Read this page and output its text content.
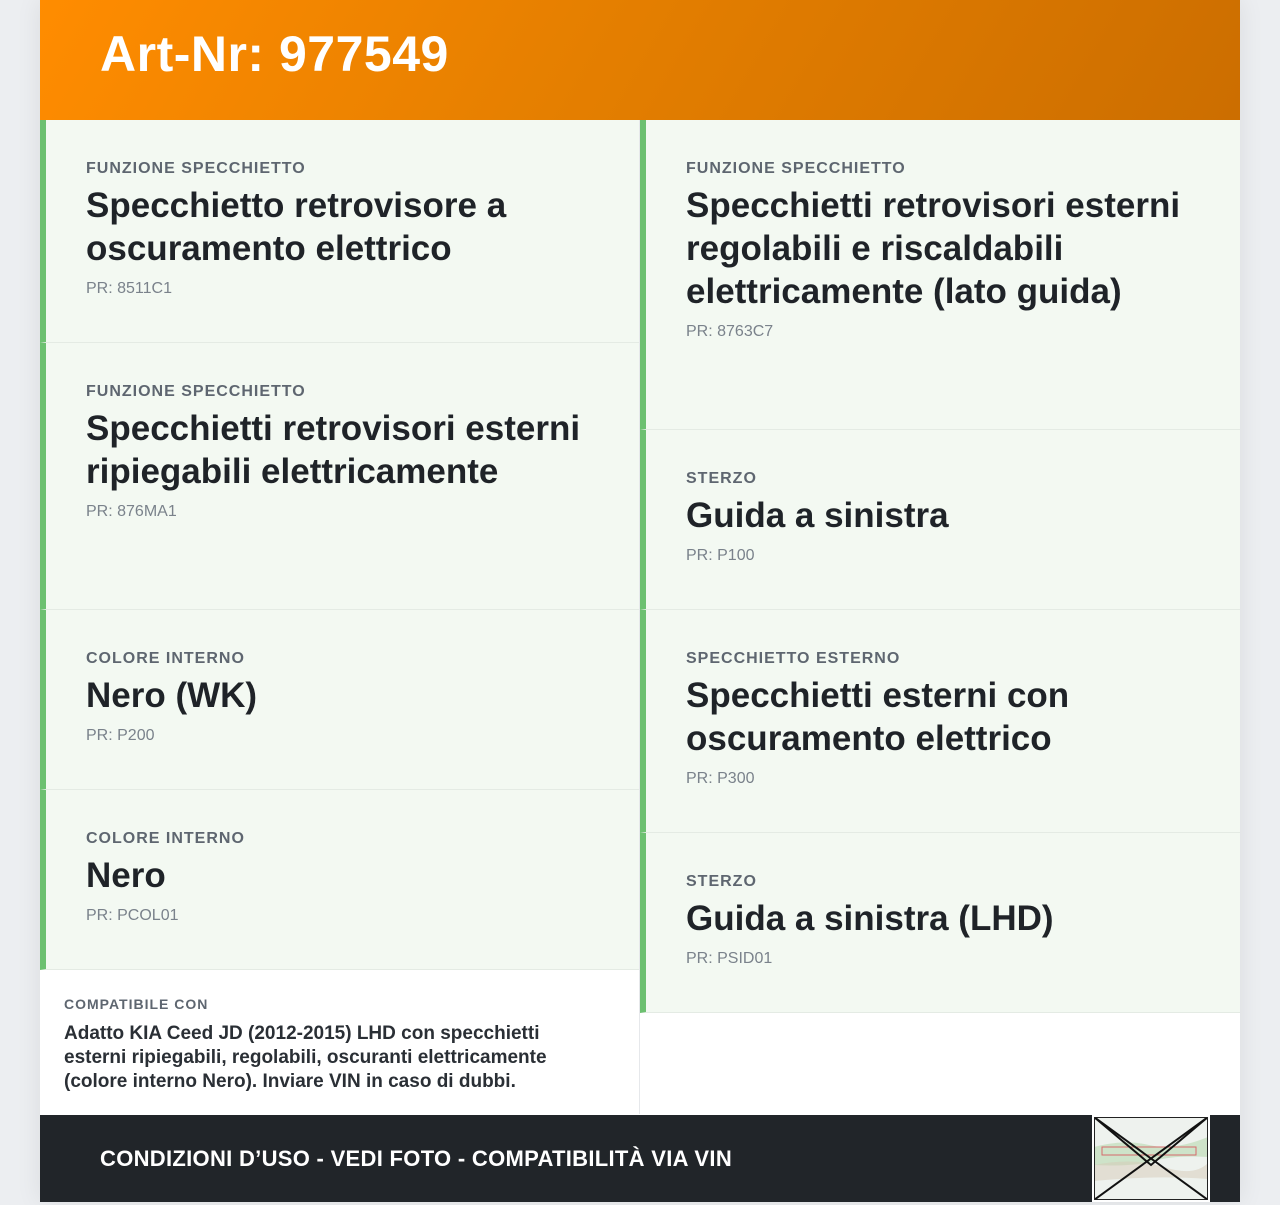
Art-Nr: 977549
FUNZIONE SPECCHIETTO
Specchietto retrovisore a oscuramento elettrico
PR: 8511C1
FUNZIONE SPECCHIETTO
Specchietti retrovisori esterni ripiegabili elettricamente
PR: 876MA1
COLORE INTERNO
Nero (WK)
PR: P200
COLORE INTERNO
Nero
PR: PCOL01
COMPATIBILE CON
Adatto KIA Ceed JD (2012-2015) LHD con specchietti esterni ripiegabili, regolabili, oscuranti elettricamente (colore interno Nero). Inviare VIN in caso di dubbi.
FUNZIONE SPECCHIETTO
Specchietti retrovisori esterni regolabili e riscaldabili elettricamente (lato guida)
PR: 8763C7
STERZO
Guida a sinistra
PR: P100
SPECCHIETTO ESTERNO
Specchietti esterni con oscuramento elettrico
PR: P300
STERZO
Guida a sinistra (LHD)
PR: PSID01
CONDIZIONI D’USO - VEDI FOTO - COMPATIBILITÀ VIA VIN
